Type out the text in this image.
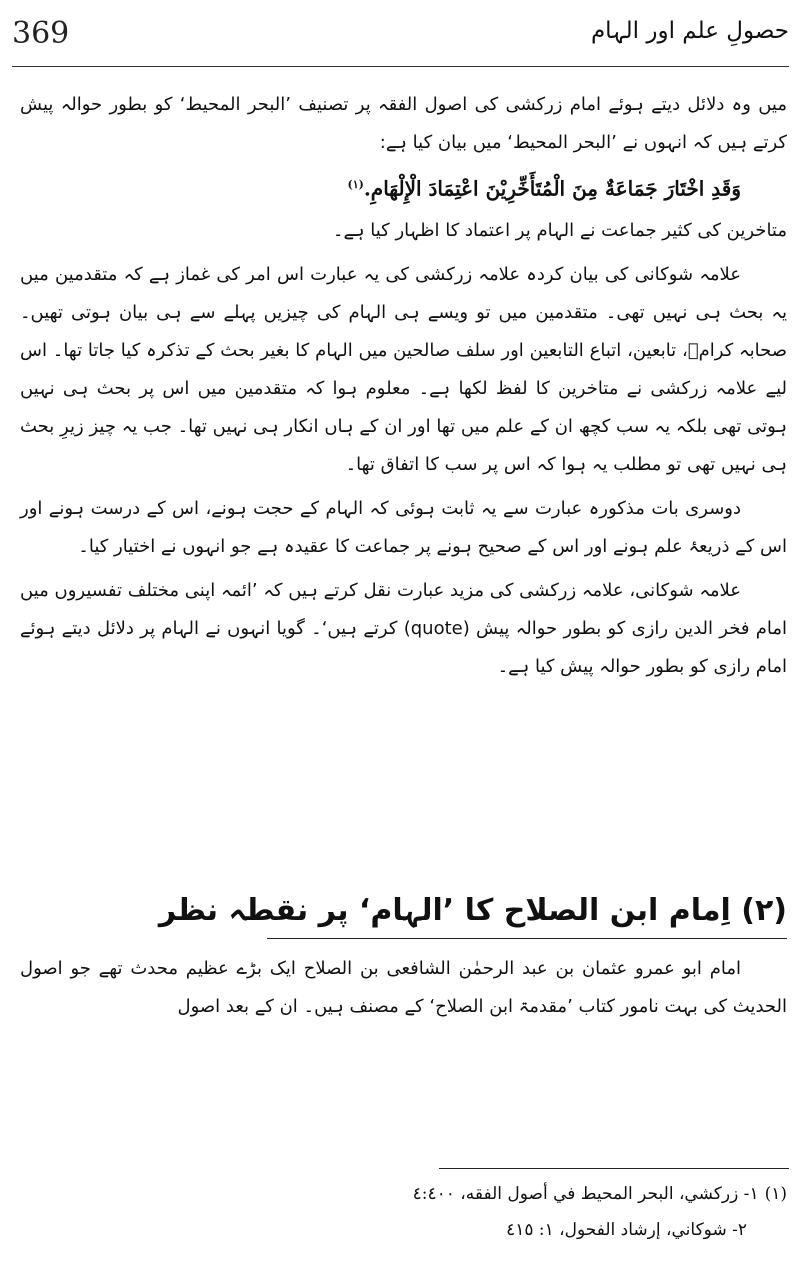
369	حصولِ علم اور الہام

میں وہ دلائل دیتے ہوئے امام زرکشی کی اصول الفقہ پر تصنیف ’البحر المحیط‘ کو بطور حوالہ پیش کرتے ہیں کہ انہوں نے ’البحر المحیط‘ میں بیان کیا ہے:

وَقَدِ اخْتَارَ جَمَاعَةٌ مِنَ الْمُتَأَخِّرِيْنَ اعْتِمَادَ الْإِلْهَامِ.$^{(١)}$

متاخرین کی کثیر جماعت نے الہام پر اعتماد کا اظہار کیا ہے۔

علامہ شوکانی کی بیان کردہ علامہ زرکشی کی یہ عبارت اس امر کی غماز ہے کہ متقدمین میں یہ بحث ہی نہیں تھی۔ متقدمین میں تو ویسے ہی الہام کی چیزیں پہلے سے ہی بیان ہوتی تھیں۔ صحابہ کرامؓ، تابعین، اتباع التابعین اور سلف صالحین میں الہام کا بغیر بحث کے تذکرہ کیا جاتا تھا۔ اس لیے علامہ زرکشی نے متاخرین کا لفظ لکھا ہے۔ معلوم ہوا کہ متقدمین میں اس پر بحث ہی نہیں ہوتی تھی بلکہ یہ سب کچھ ان کے علم میں تھا اور ان کے ہاں انکار ہی نہیں تھا۔ جب یہ چیز زیرِ بحث ہی نہیں تھی تو مطلب یہ ہوا کہ اس پر سب کا اتفاق تھا۔

دوسری بات مذکورہ عبارت سے یہ ثابت ہوئی کہ الہام کے حجت ہونے، اس کے درست ہونے اور اس کے ذریعۂ علم ہونے اور اس کے صحیح ہونے پر جماعت کا عقیدہ ہے جو انہوں نے اختیار کیا۔

علامہ شوکانی، علامہ زرکشی کی مزید عبارت نقل کرتے ہیں کہ ’ائمہ اپنی مختلف تفسیروں میں امام فخر الدین رازی کو بطور حوالہ پیش (quote) کرتے ہیں‘۔ گویا انہوں نے الہام پر دلائل دیتے ہوئے امام رازی کو بطور حوالہ پیش کیا ہے۔

(٢) اِمام ابن الصلاح کا ’الہام‘ پر نقطہ نظر

امام ابو عمرو عثمان بن عبد الرحمٰن الشافعی بن الصلاح ایک بڑے عظیم محدث تھے جو اصول الحدیث کی بہت نامور کتاب ’مقدمۃ ابن الصلاح‘ کے مصنف ہیں۔ ان کے بعد اصول

(١)١- زركشي، البحر المحيط في أصول الفقه، ٤:٤٠٠
٢- شوكاني، إرشاد الفحول، ١: ٤١٥
